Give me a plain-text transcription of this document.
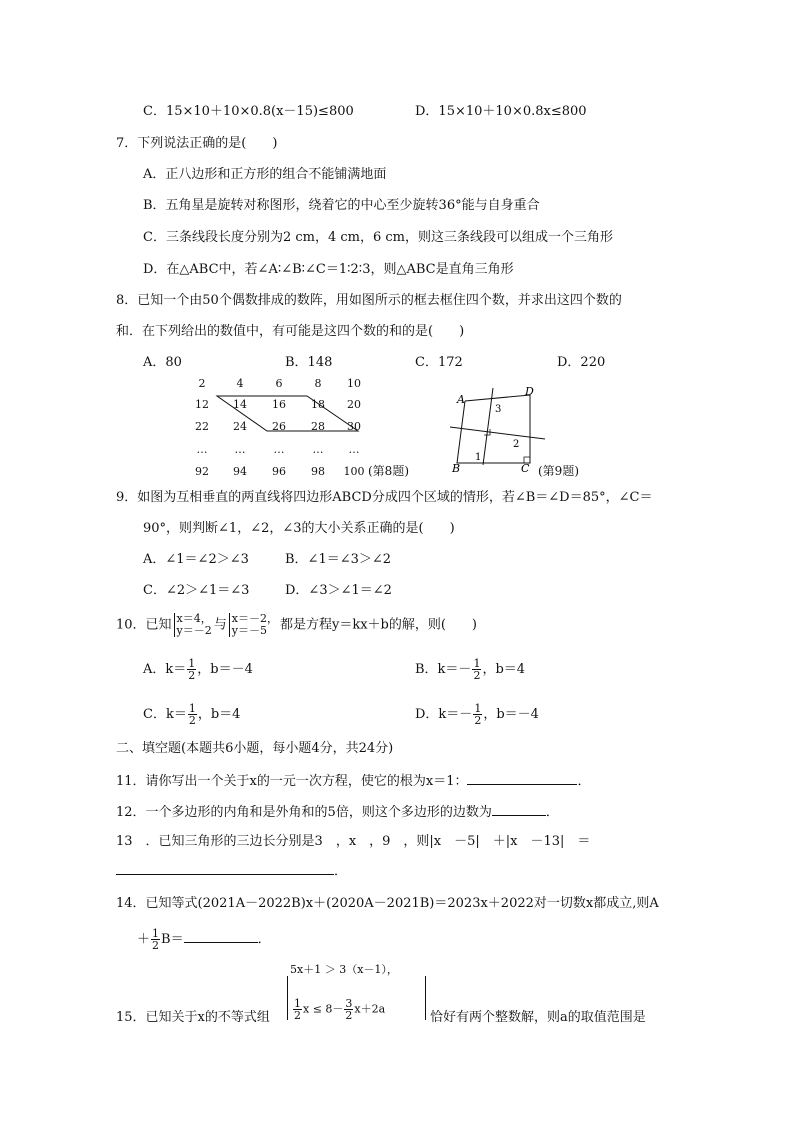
C．15×10＋10×0.8(x－15)≤800	D．15×10＋10×0.8x≤800
7．下列说法正确的是(　　)
A．正八边形和正方形的组合不能铺满地面
B．五角星是旋转对称图形，绕着它的中心至少旋转36°能与自身重合
C．三条线段长度分别为2 cm，4 cm，6 cm，则这三条线段可以组成一个三角形
D．在△ABC中，若∠A∶∠B∶∠C＝1∶2∶3，则△ABC是直角三角形
8．已知一个由50个偶数排成的数阵，用如图所示的框去框住四个数，并求出这四个数的
和．在下列给出的数值中，有可能是这四个数的和的是(　　)
A．80	B．148	C．172	D．220
2	4	6	8	10
12	14	16	18	20
22	24	26	28	30
…	…	…	…	…
92	94	96	98	100 (第8题)
A
D
B	C
3
2
1
(第9题)
9．如图为互相垂直的两直线将四边形ABCD分成四个区域的情形，若∠B＝∠D＝85°，∠C＝
90°，则判断∠1，∠2，∠3的大小关系正确的是(　　)
A．∠1＝∠2＞∠3	B．∠1＝∠3＞∠2
C．∠2＞∠1＝∠3	D．∠3＞∠1＝∠2
10．已知 x＝4，
y＝－2 与 x＝－2，
y＝－5 都是方程y＝kx＋b的解，则(　　)
A．$k= \frac{1}{2}$ ，b＝－4	B．$k=- \frac{1}{2}$ ，b＝4
C．$k= \frac{1}{2}$ ，b＝4	D．$k=- \frac{1}{2}$ ，b＝－4
二、填空题(本题共6小题，每小题4分，共24分)
11．请你写出一个关于x的一元一次方程，使它的根为x＝1：	．
12．一个多边形的内角和是外角和的5倍，则这个多边形的边数为	．
13　．已知三角形的三边长分别是3　，x　，9　，则|x　－5|　＋|x　－13|　＝
．
14．已知等式(2021A－2022B)x＋(2020A－2021B)＝2023x＋2022对一切数x都成立,则A
＋ $\frac{1}{2} B=$	．
5x＋1 ＞ 3（x－1），
15．已知关于x的不等式组 $\frac{1}{2}$ $x \le 8- \frac{3}{2} x+2a$
恰好有两个整数解，则a的取值范围是
